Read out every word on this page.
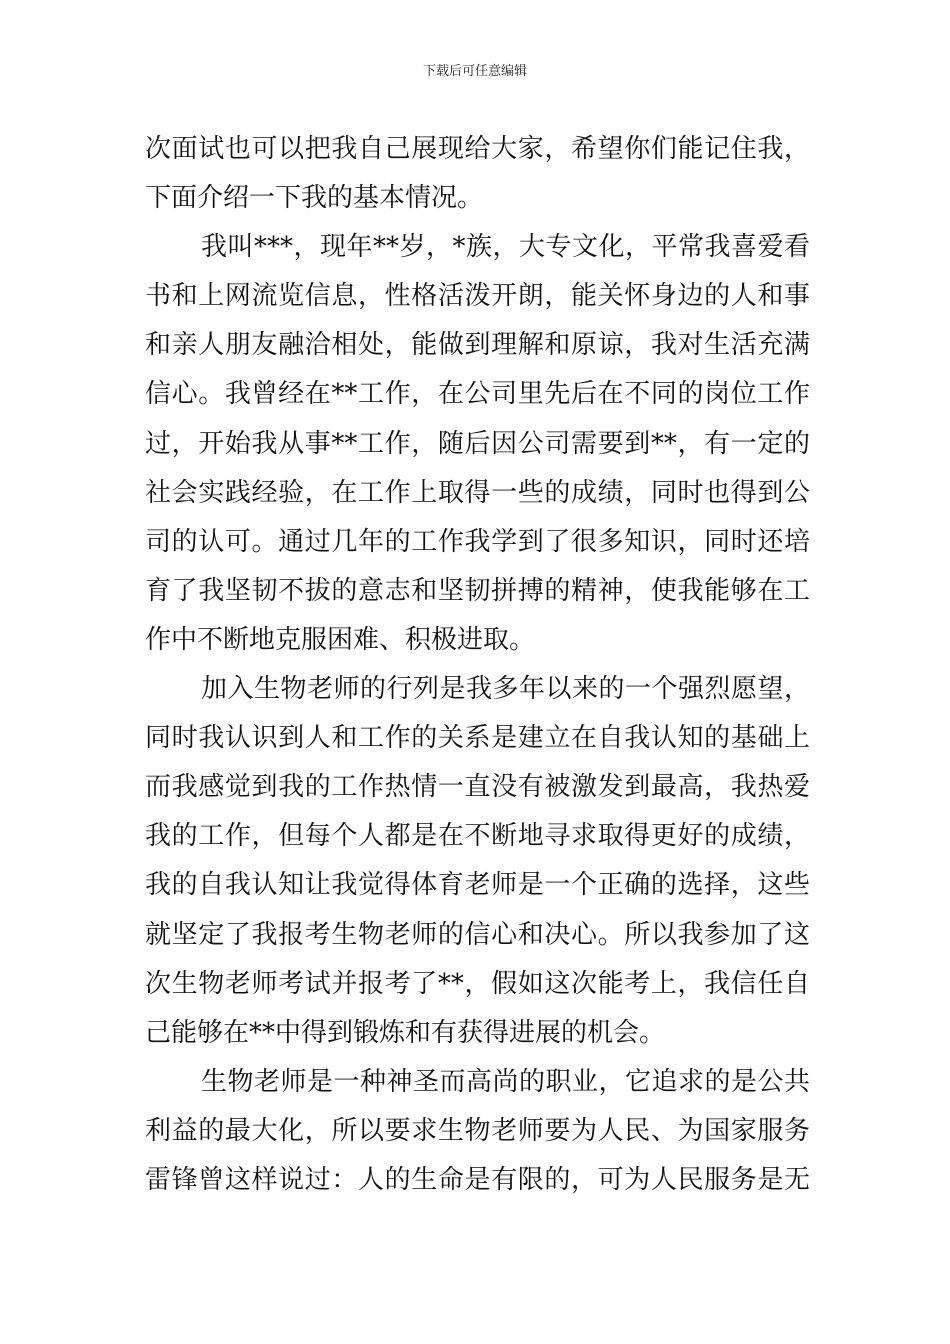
下载后可任意编辑
次面试也可以把我自己展现给大家，希望你们能记住我，
下面介绍一下我的基本情况。
我叫***，现年**岁，*族，大专文化，平常我喜爱看
书和上网流览信息，性格活泼开朗，能关怀身边的人和事
和亲人朋友融洽相处，能做到理解和原谅，我对生活充满
信心。我曾经在**工作，在公司里先后在不同的岗位工作
过，开始我从事**工作，随后因公司需要到**，有一定的
社会实践经验，在工作上取得一些的成绩，同时也得到公
司的认可。通过几年的工作我学到了很多知识，同时还培
育了我坚韧不拔的意志和坚韧拼搏的精神，使我能够在工
作中不断地克服困难、积极进取。
加入生物老师的行列是我多年以来的一个强烈愿望，
同时我认识到人和工作的关系是建立在自我认知的基础上
而我感觉到我的工作热情一直没有被激发到最高，我热爱
我的工作，但每个人都是在不断地寻求取得更好的成绩，
我的自我认知让我觉得体育老师是一个正确的选择，这些
就坚定了我报考生物老师的信心和决心。所以我参加了这
次生物老师考试并报考了**，假如这次能考上，我信任自
己能够在**中得到锻炼和有获得进展的机会。
生物老师是一种神圣而高尚的职业，它追求的是公共
利益的最大化，所以要求生物老师要为人民、为国家服务
雷锋曾这样说过：人的生命是有限的，可为人民服务是无
